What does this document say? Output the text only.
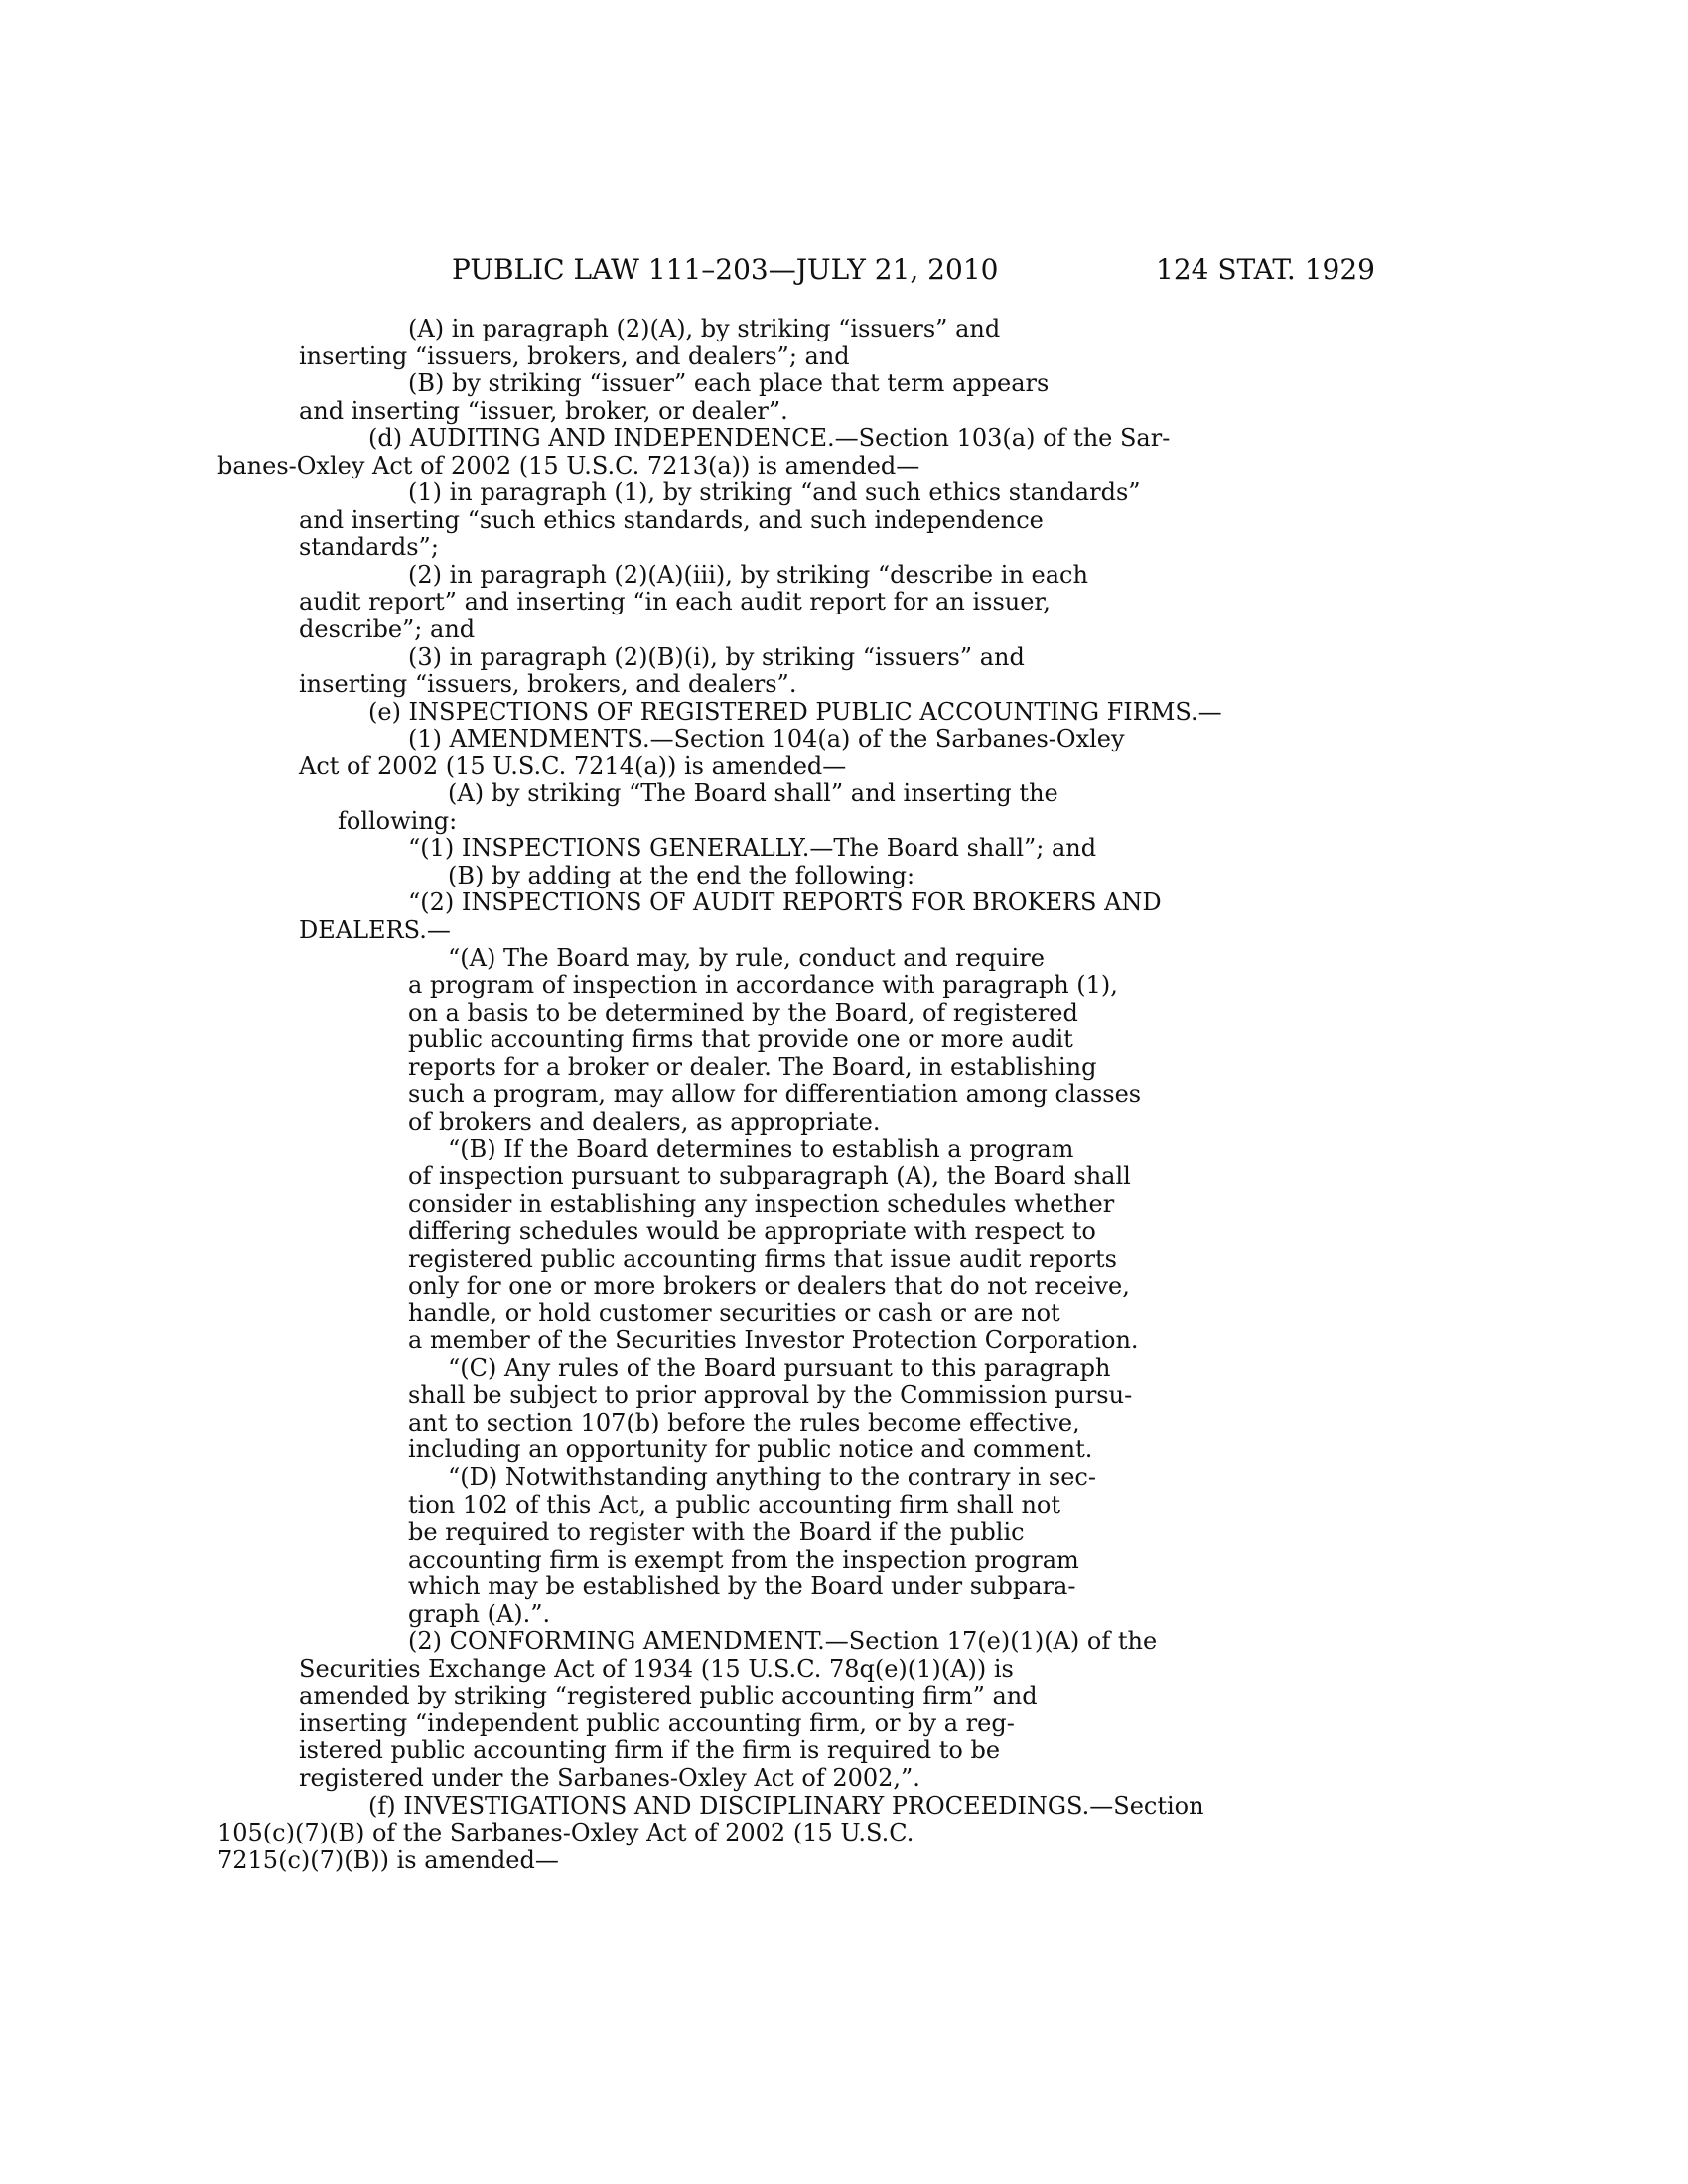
PUBLIC LAW 111–203—JULY 21, 2010	124 STAT. 1929
(A) in paragraph (2)(A), by striking “issuers” and
inserting “issuers, brokers, and dealers”; and
(B) by striking “issuer” each place that term appears
and inserting “issuer, broker, or dealer”.
(d) AUDITING AND INDEPENDENCE.—Section 103(a) of the Sar-
banes-Oxley Act of 2002 (15 U.S.C. 7213(a)) is amended—
(1) in paragraph (1), by striking “and such ethics standards”
and inserting “such ethics standards, and such independence
standards”;
(2) in paragraph (2)(A)(iii), by striking “describe in each
audit report” and inserting “in each audit report for an issuer,
describe”; and
(3) in paragraph (2)(B)(i), by striking “issuers” and
inserting “issuers, brokers, and dealers”.
(e) INSPECTIONS OF REGISTERED PUBLIC ACCOUNTING FIRMS.—
(1) AMENDMENTS.—Section 104(a) of the Sarbanes-Oxley
Act of 2002 (15 U.S.C. 7214(a)) is amended—
(A) by striking “The Board shall” and inserting the
following:
“(1) INSPECTIONS GENERALLY.—The Board shall”; and
(B) by adding at the end the following:
“(2) INSPECTIONS OF AUDIT REPORTS FOR BROKERS AND
DEALERS.—
“(A) The Board may, by rule, conduct and require
a program of inspection in accordance with paragraph (1),
on a basis to be determined by the Board, of registered
public accounting firms that provide one or more audit
reports for a broker or dealer. The Board, in establishing
such a program, may allow for differentiation among classes
of brokers and dealers, as appropriate.
“(B) If the Board determines to establish a program
of inspection pursuant to subparagraph (A), the Board shall
consider in establishing any inspection schedules whether
differing schedules would be appropriate with respect to
registered public accounting firms that issue audit reports
only for one or more brokers or dealers that do not receive,
handle, or hold customer securities or cash or are not
a member of the Securities Investor Protection Corporation.
“(C) Any rules of the Board pursuant to this paragraph
shall be subject to prior approval by the Commission pursu-
ant to section 107(b) before the rules become effective,
including an opportunity for public notice and comment.
“(D) Notwithstanding anything to the contrary in sec-
tion 102 of this Act, a public accounting firm shall not
be required to register with the Board if the public
accounting firm is exempt from the inspection program
which may be established by the Board under subpara-
graph (A).”.
(2) CONFORMING AMENDMENT.—Section 17(e)(1)(A) of the
Securities Exchange Act of 1934 (15 U.S.C. 78q(e)(1)(A)) is
amended by striking “registered public accounting firm” and
inserting “independent public accounting firm, or by a reg-
istered public accounting firm if the firm is required to be
registered under the Sarbanes-Oxley Act of 2002,”.
(f) INVESTIGATIONS AND DISCIPLINARY PROCEEDINGS.—Section
105(c)(7)(B) of the Sarbanes-Oxley Act of 2002 (15 U.S.C.
7215(c)(7)(B)) is amended—
